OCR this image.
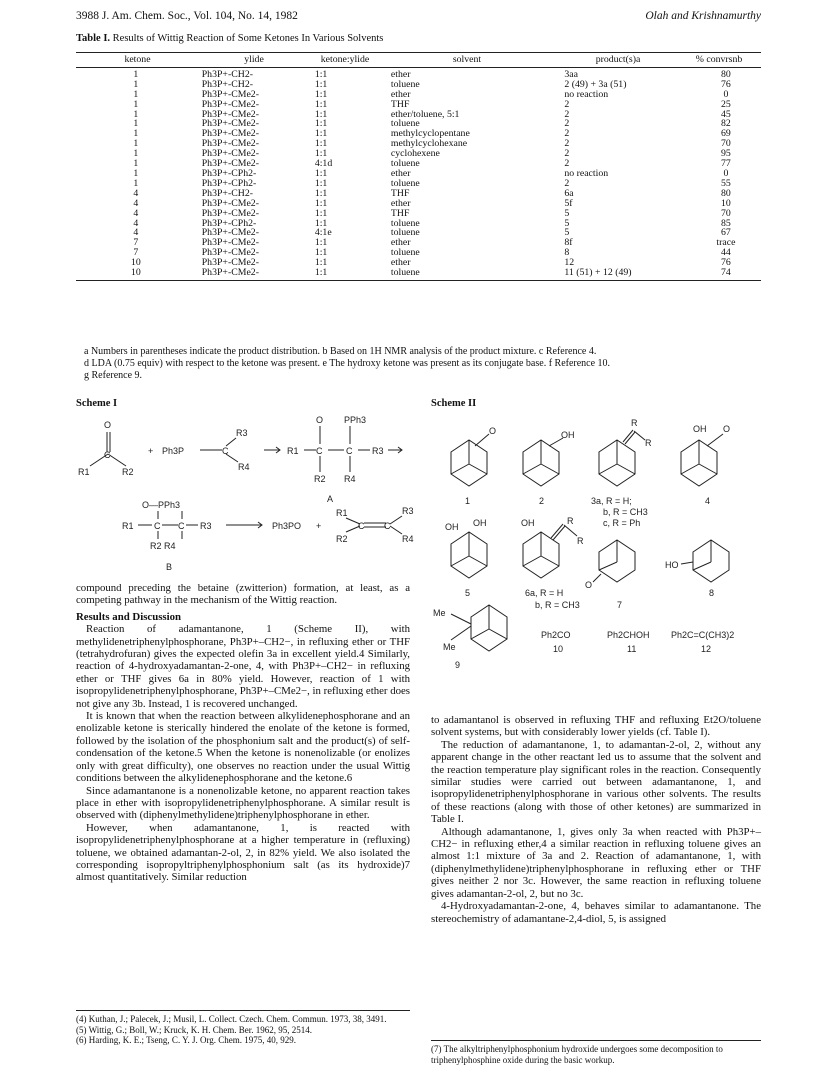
3988 J. Am. Chem. Soc., Vol. 104, No. 14, 1982	Olah and Krishnamurthy
Table I. Results of Wittig Reaction of Some Ketones In Various Solvents
ketone	ylide	ketone:ylide	solvent	product(s)a	% convrsnb
1	Ph3P+-CH2-	1:1	ether	3aa	80
1	Ph3P+-CH2-	1:1	toluene	2 (49) + 3a (51)	76
1	Ph3P+-CMe2-	1:1	ether	no reaction	0
1	Ph3P+-CMe2-	1:1	THF	2	25
1	Ph3P+-CMe2-	1:1	ether/toluene, 5:1	2	45
1	Ph3P+-CMe2-	1:1	toluene	2	82
1	Ph3P+-CMe2-	1:1	methylcyclopentane	2	69
1	Ph3P+-CMe2-	1:1	methylcyclohexane	2	70
1	Ph3P+-CMe2-	1:1	cyclohexene	2	95
1	Ph3P+-CMe2-	4:1d	toluene	2	77
1	Ph3P+-CPh2-	1:1	ether	no reaction	0
1	Ph3P+-CPh2-	1:1	toluene	2	55
4	Ph3P+-CH2-	1:1	THF	6a	80
4	Ph3P+-CMe2-	1:1	ether	5f	10
4	Ph3P+-CMe2-	1:1	THF	5	70
4	Ph3P+-CPh2-	1:1	toluene	5	85
4	Ph3P+-CMe2-	4:1e	toluene	5	67
7	Ph3P+-CMe2-	1:1	ether	8f	trace
7	Ph3P+-CMe2-	1:1	toluene	8	44
10	Ph3P+-CMe2-	1:1	ether	12	76
10	Ph3P+-CMe2-	1:1	toluene	11 (51) + 12 (49)	74
a Numbers in parentheses indicate the product distribution. b Based on 1H NMR analysis of the product mixture. c Reference 4.
d LDA (0.75 equiv) with respect to the ketone was present. e The hydroxy ketone was present as its conjugate base. f Reference 10.
g Reference 9.
Scheme I	Scheme II
O
C
R1	R2
+ Ph3P	C
R3
R4
R1 C	C R3
O PPh3
R2 R4
A
O—PPh3
R1 C C R3
R2 R4
B
Ph3PO +
R1
R2
C C
R3
R4
O
1
OH
2
R
R
3a, R = H;
b, R = CH3
c, R = Ph
OH O
4
OH OH
5
OH	R
R
6a, R = H
b, R = CH3
O
7
HO
8
Me
Me
9
Ph2CO
10
Ph2CHOH
11
Ph2C=C(CH3)2
12

compound preceding the betaine (zwitterion) formation, at least, as a competing pathway in the mechanism of the Wittig reaction.

Results and Discussion

Reaction of adamantanone, 1 (Scheme II), with methylidenetriphenylphosphorane, Ph3P+–CH2−, in refluxing ether or THF (tetrahydrofuran) gives the expected olefin 3a in excellent yield.4 Similarly, reaction of 4-hydroxyadamantan-2-one, 4, with Ph3P+–CH2− in refluxing ether or THF gives 6a in 80% yield. However, reaction of 1 with isopropylidenetriphenylphosphorane, Ph3P+–CMe2−, in refluxing ether does not give any 3b. Instead, 1 is recovered unchanged.

It is known that when the reaction between alkylidenephosphorane and an enolizable ketone is sterically hindered the enolate of the ketone is formed, followed by the isolation of the phosphonium salt and the product(s) of self-condensation of the ketone.5 When the ketone is nonenolizable (or enolizes only with great difficulty), one observes no reaction under the usual Wittig conditions between the alkylidenephosphorane and the ketone.6

Since adamantanone is a nonenolizable ketone, no apparent reaction takes place in ether with isopropylidenetriphenylphosphorane. A similar result is observed with (diphenylmethylidene)triphenylphosphorane in ether.

However, when adamantanone, 1, is reacted with isopropylidenetriphenylphosphorane at a higher temperature in (refluxing) toluene, we obtained adamantan-2-ol, 2, in 82% yield. We also isolated the corresponding isopropyltriphenylphosphonium salt (as its hydroxide)7 almost quantitatively. Similar reduction

(4) Kuthan, J.; Palecek, J.; Musil, L. Collect. Czech. Chem. Commun. 1973, 38, 3491.
(5) Wittig, G.; Boll, W.; Kruck, K. H. Chem. Ber. 1962, 95, 2514.
(6) Harding, K. E.; Tseng, C. Y. J. Org. Chem. 1975, 40, 929.

to adamantanol is observed in refluxing THF and refluxing Et2O/toluene solvent systems, but with considerably lower yields (cf. Table I).

The reduction of adamantanone, 1, to adamantan-2-ol, 2, without any apparent change in the other reactant led us to assume that the solvent and the reaction temperature play significant roles in the reaction. Consequently similar studies were carried out between adamantanone, 1, and isopropylidenetriphenylphosphorane in various other solvents. The results of these reactions (along with those of other ketones) are summarized in Table I.

Although adamantanone, 1, gives only 3a when reacted with Ph3P+–CH2− in refluxing ether,4 a similar reaction in refluxing toluene gives an almost 1:1 mixture of 3a and 2. Reaction of adamantanone, 1, with (diphenylmethylidene)triphenylphosphorane in refluxing ether or THF gives neither 2 nor 3c. However, the same reaction in refluxing toluene gives adamantan-2-ol, 2, but no 3c.

4-Hydroxyadamantan-2-one, 4, behaves similar to adamantanone. The stereochemistry of adamantane-2,4-diol, 5, is assigned

(7) The alkyltriphenylphosphonium hydroxide undergoes some decomposition to triphenylphosphine oxide during the basic workup.
